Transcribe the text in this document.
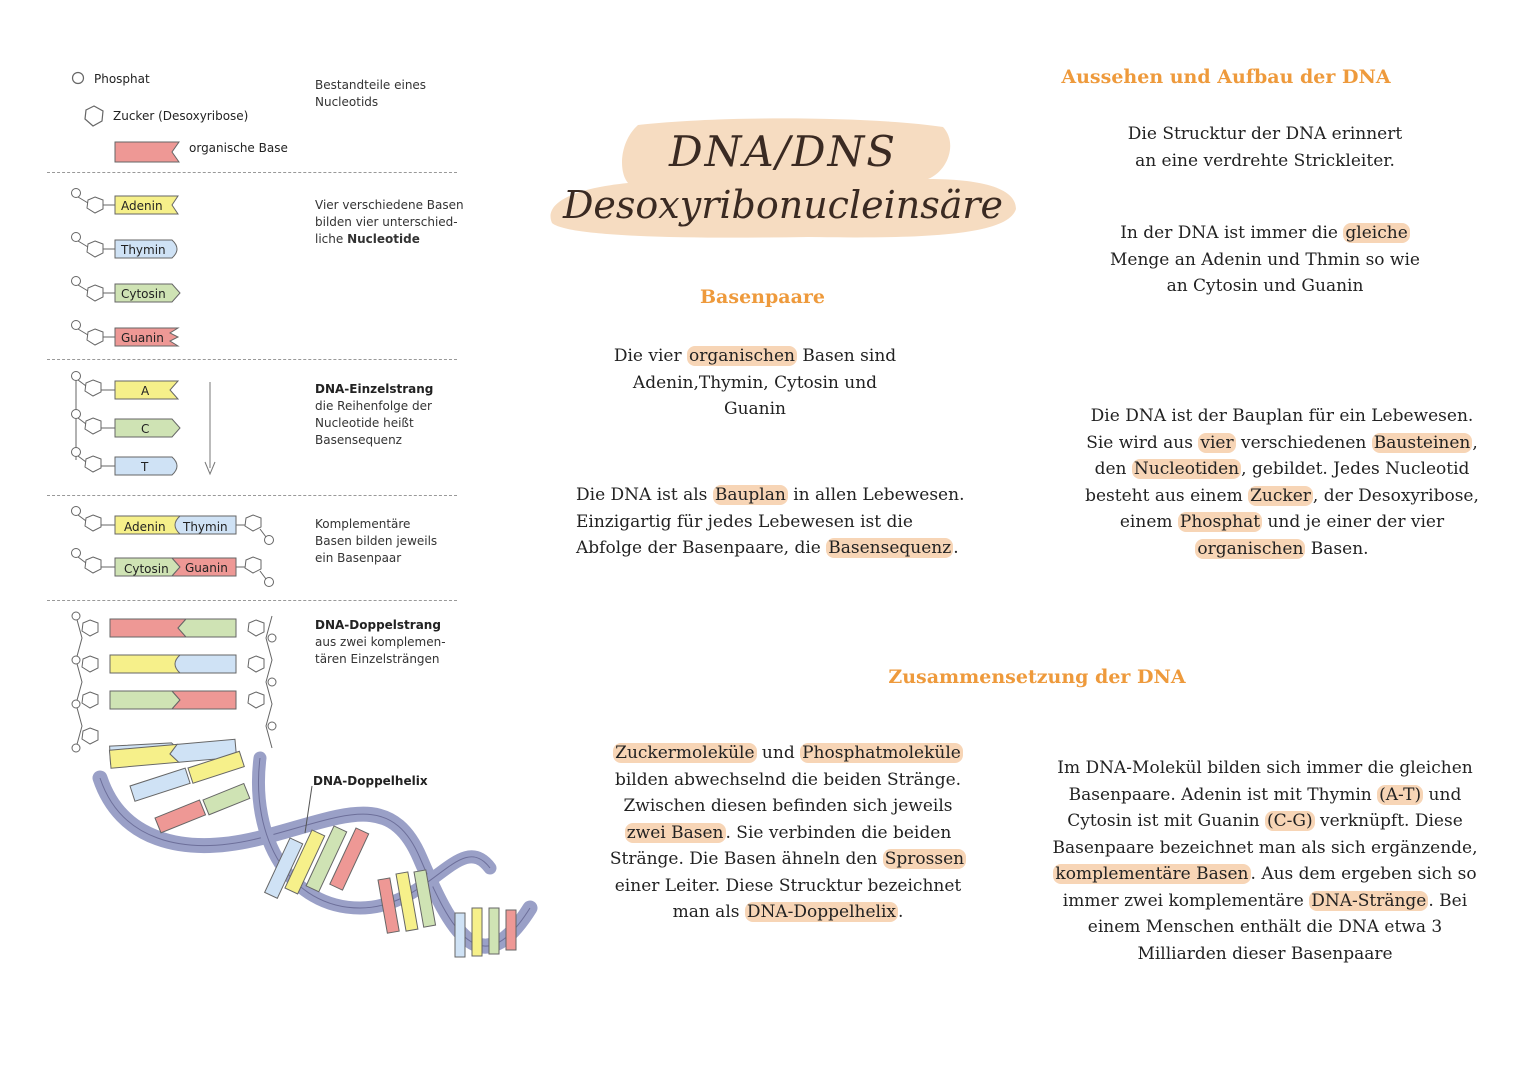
Phosphat
Zucker (Desoxyribose)
organische Base
Bestandteile eines
Nucleotids
Adenin
Thymin
Cytosin
Guanin
Vier verschiedene Basen
bilden vier unterschied-
liche Nucleotide
A
C
T
DNA-Einzelstrang
die Reihenfolge der
Nucleotide heißt
Basensequenz
Adenin Thymin
Cytosin Guanin
Komplementäre
Basen bilden jeweils
ein Basenpaar
DNA-Doppelstrang
aus zwei komplemen-
tären Einzelsträngen
DNA-Doppelhelix
DNA/DNS
Desoxyribonucleinsäre
Basenpaare
Die vier organischen Basen sind
Adenin,Thymin, Cytosin und
Guanin
Die DNA ist als Bauplan in allen Lebewesen.
Einzigartig für jedes Lebewesen ist die
Abfolge der Basenpaare, die Basensequenz .
Aussehen und Aufbau der DNA
Die Strucktur der DNA erinnert
an eine verdrehte Strickleiter.
In der DNA ist immer die gleiche
Menge an Adenin und Thmin so wie
an Cytosin und Guanin
Die DNA ist der Bauplan für ein Lebewesen.
Sie wird aus vier verschiedenen Bausteinen ,
den Nucleotiden , gebildet. Jedes Nucleotid
besteht aus einem Zucker , der Desoxyribose,
einem Phosphat und je einer der vier
organischen Basen.
Zusammensetzung der DNA
Zuckermoleküle und Phosphatmoleküle
bilden abwechselnd die beiden Stränge.
Zwischen diesen befinden sich jeweils
zwei Basen . Sie verbinden die beiden
Stränge. Die Basen ähneln den Sprossen
einer Leiter. Diese Strucktur bezeichnet
man als DNA-Doppelhelix .
Im DNA-Molekül bilden sich immer die gleichen
Basenpaare. Adenin ist mit Thymin (A-T) und
Cytosin ist mit Guanin (C-G) verknüpft. Diese
Basenpaare bezeichnet man als sich ergänzende,
komplementäre Basen . Aus dem ergeben sich so
immer zwei komplementäre DNA-Stränge . Bei
einem Menschen enthält die DNA etwa 3
Milliarden dieser Basenpaare
